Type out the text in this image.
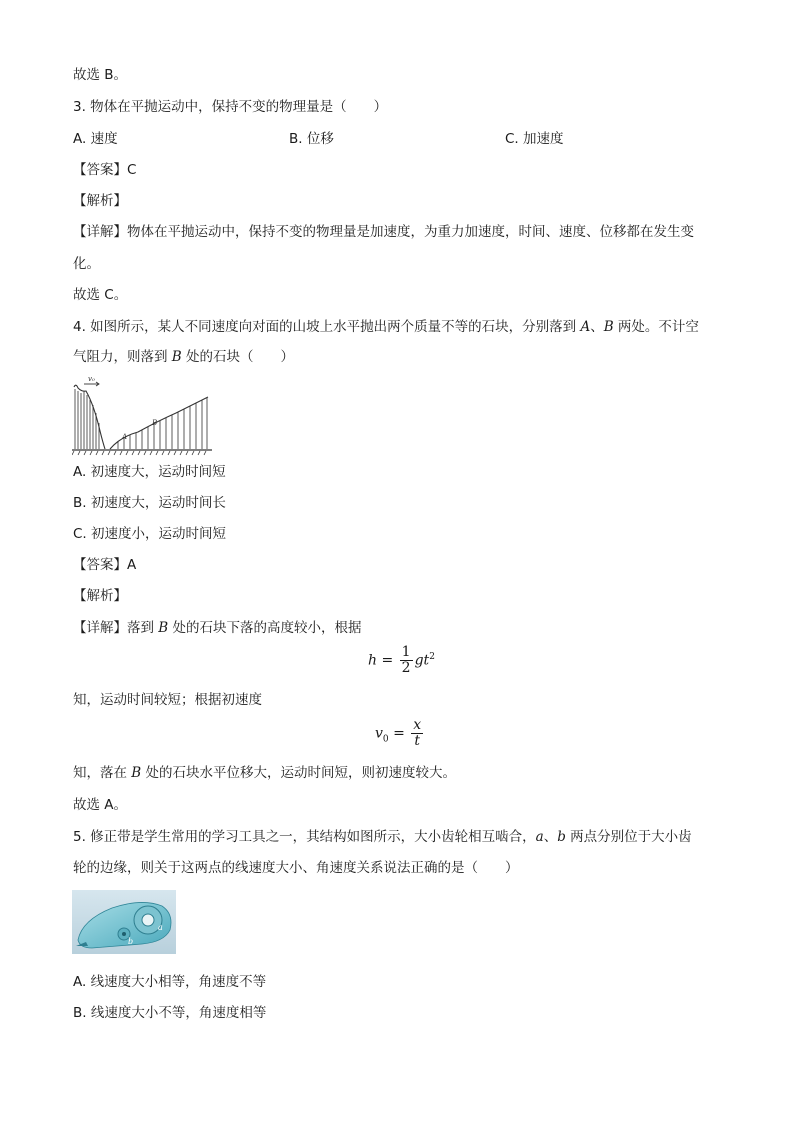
故选 B。
3. 物体在平抛运动中，保持不变的物理量是（　　）
A. 速度	B. 位移	C. 加速度
【答案】C
【解析】
【详解】物体在平抛运动中，保持不变的物理量是加速度，为重力加速度，时间、速度、位移都在发生变
化。
故选 C。
4. 如图所示，某人不同速度向对面的山坡上水平抛出两个质量不等的石块，分别落到 A、B 两处。不计空
气阻力，则落到 B 处的石块（　　）
v₀
B
A
A. 初速度大，运动时间短
B. 初速度大，运动时间长
C. 初速度小，运动时间短
【答案】A
【解析】
【详解】落到 B 处的石块下落的高度较小，根据
$h = \frac{1}{2} gt^2$
知，运动时间较短；根据初速度
$v_0 = \frac{x}{t}$
知，落在 B 处的石块水平位移大，运动时间短，则初速度较大。
故选 A。
5. 修正带是学生常用的学习工具之一，其结构如图所示，大小齿轮相互啮合，a、b 两点分别位于大小齿
轮的边缘，则关于这两点的线速度大小、角速度关系说法正确的是（　　）
a
b
A. 线速度大小相等，角速度不等
B. 线速度大小不等，角速度相等
